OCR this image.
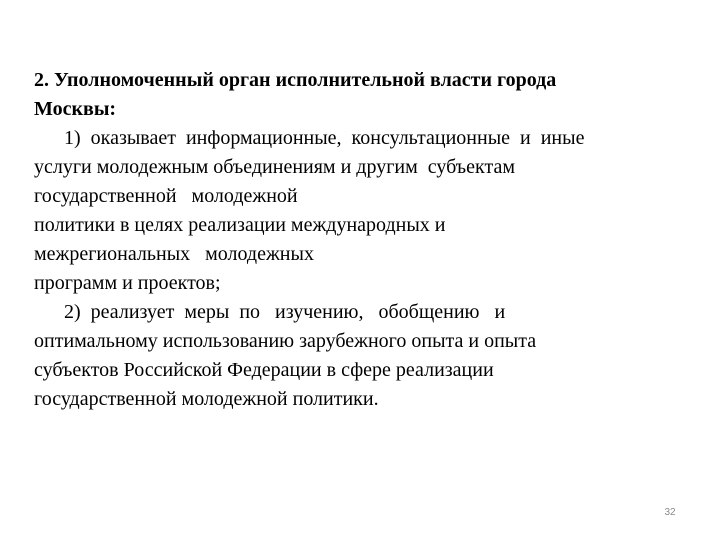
2. Уполномоченный орган исполнительной власти города
Москвы:
1)  оказывает  информационные,  консультационные  и  иные
услуги молодежным объединениям и другим  субъектам
государственной   молодежной
политики в целях реализации международных и
межрегиональных   молодежных
программ и проектов;
2)  реализует  меры  по   изучению,   обобщению   и
оптимальному использованию зарубежного опыта и опыта
субъектов Российской Федерации в сфере реализации
государственной молодежной политики.
32
